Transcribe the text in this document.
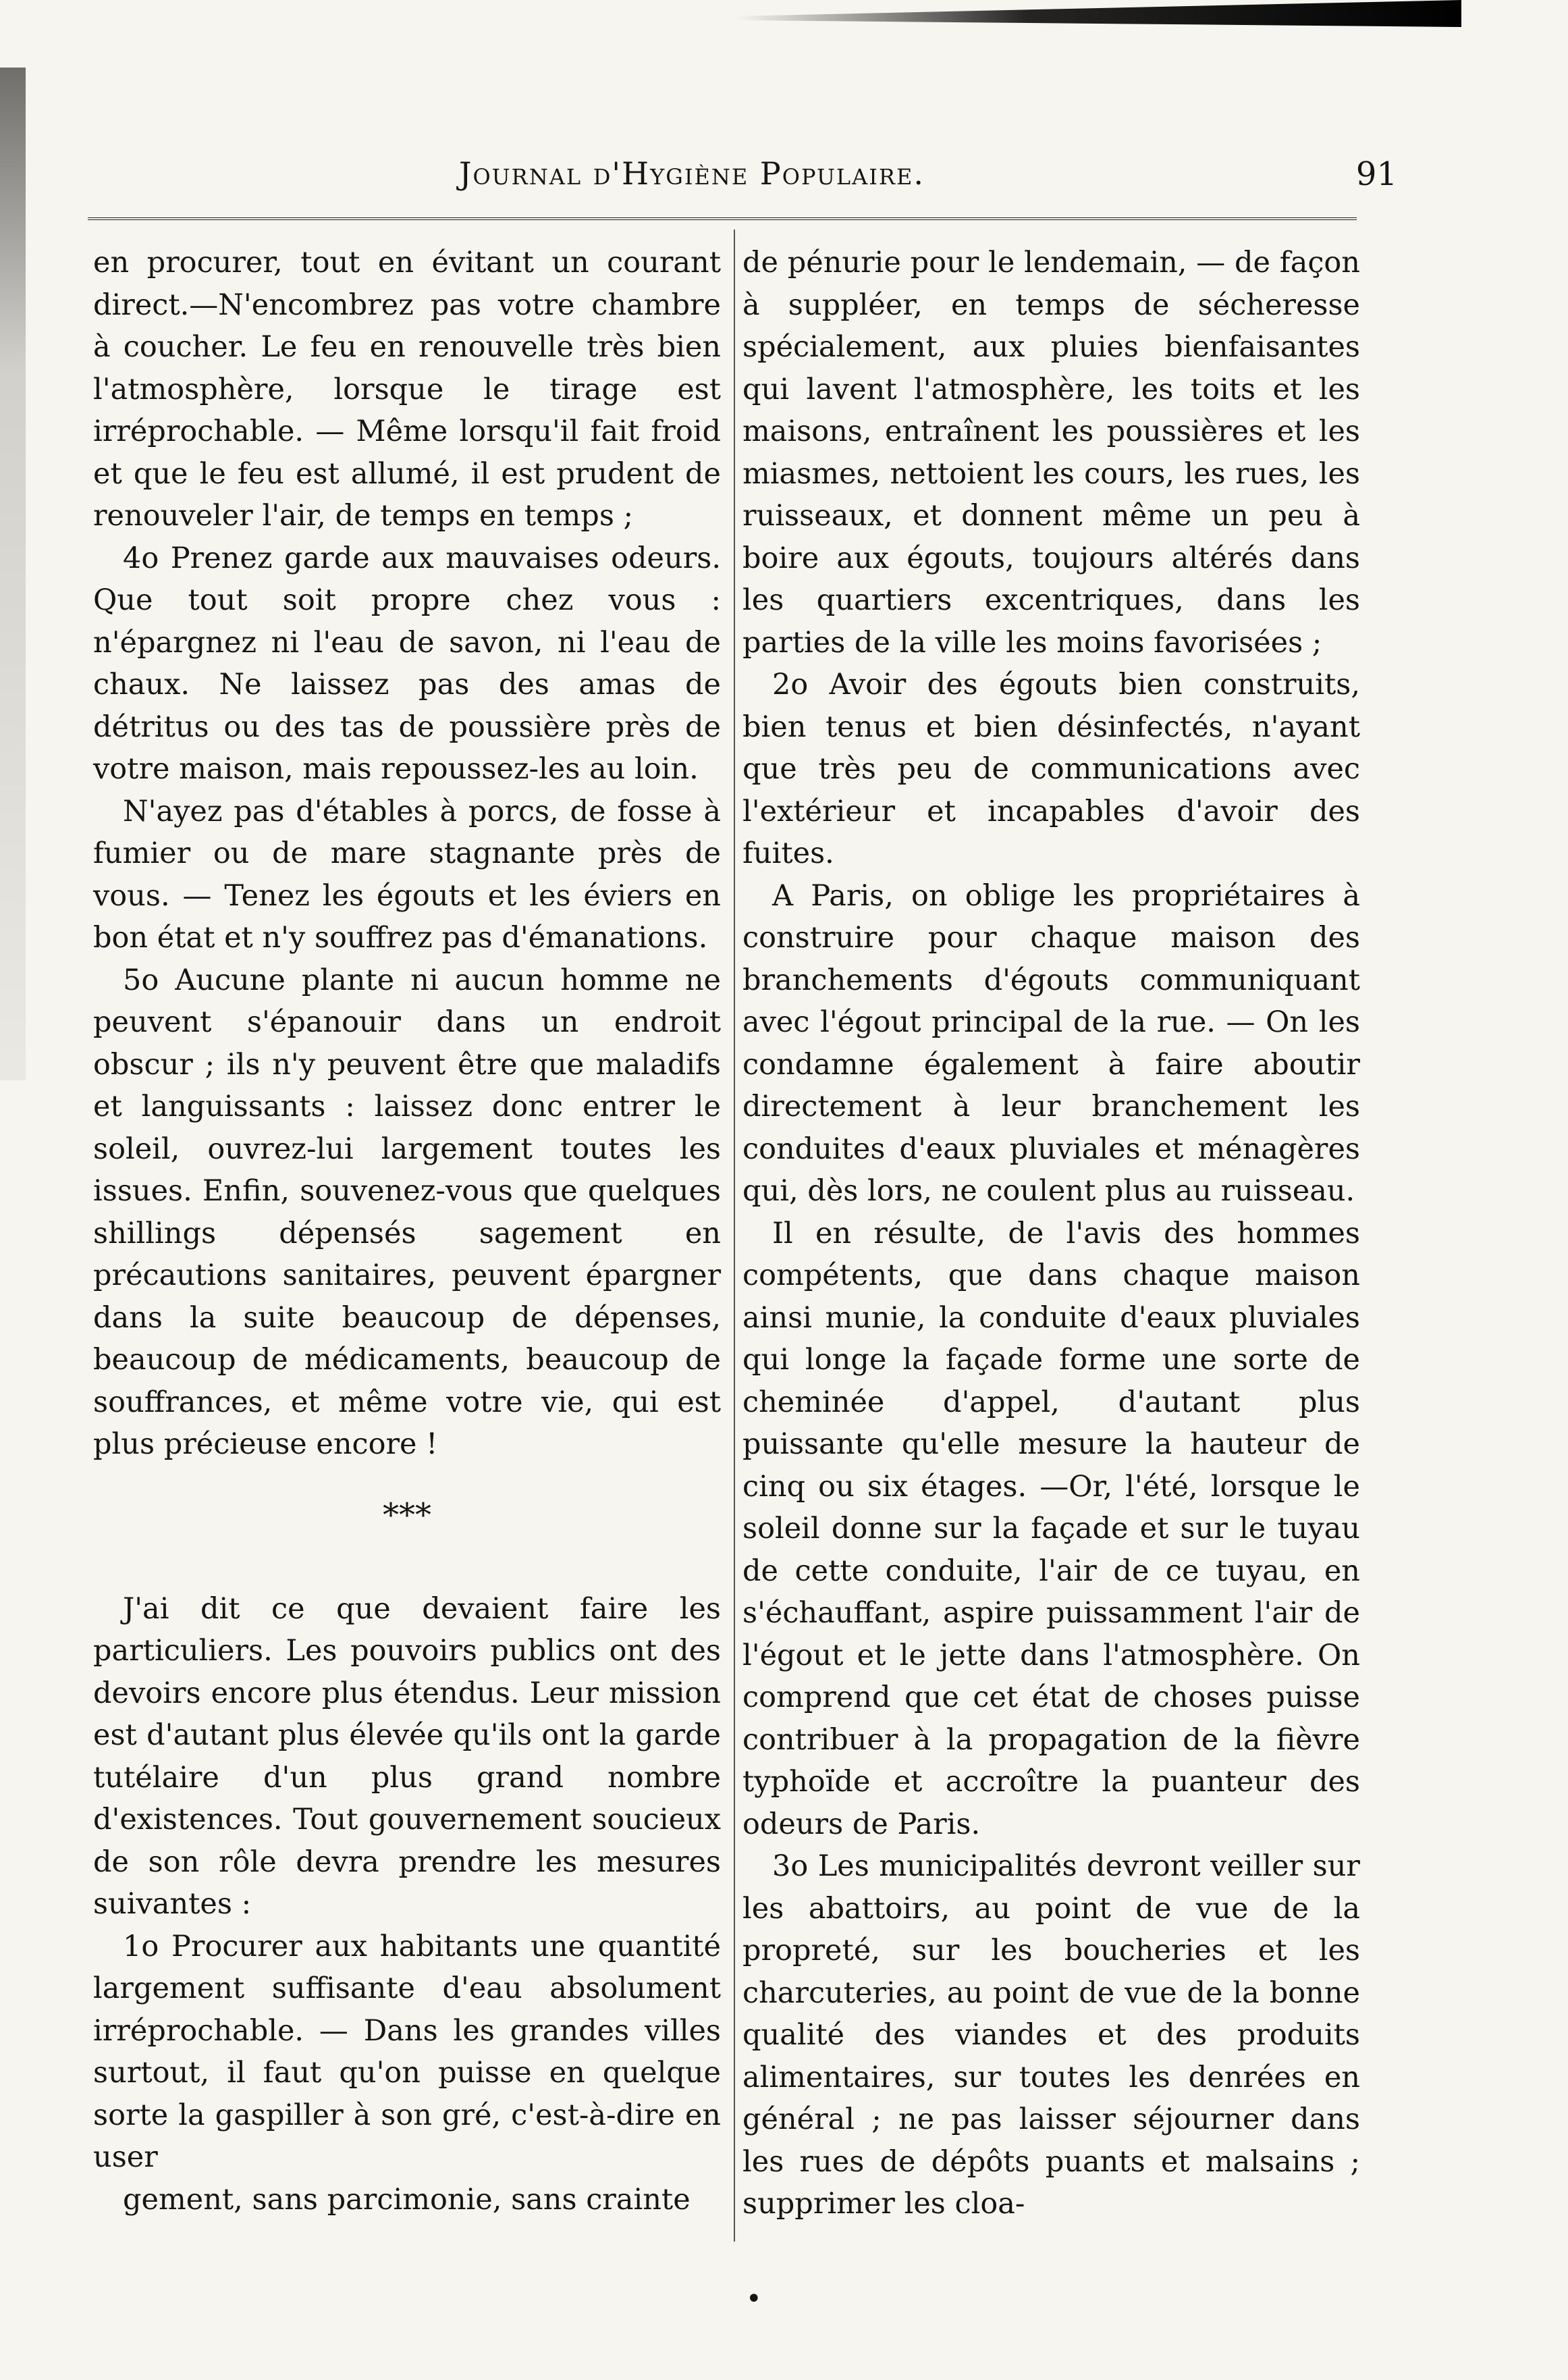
Journal d'Hygiène Populaire.	91

en procurer, tout en évitant un courant direct.—N'encombrez pas votre chambre à coucher. Le feu en renouvelle très bien l'atmosphère, lorsque le tirage est irréprochable. — Même lorsqu'il fait froid et que le feu est allumé, il est prudent de renouveler l'air, de temps en temps ;

4o Prenez garde aux mauvaises odeurs. Que tout soit propre chez vous : n'épargnez ni l'eau de savon, ni l'eau de chaux. Ne laissez pas des amas de détritus ou des tas de poussière près de votre maison, mais repoussez-les au loin.

N'ayez pas d'étables à porcs, de fosse à fumier ou de mare stagnante près de vous. — Tenez les égouts et les éviers en bon état et n'y souffrez pas d'émanations.

5o Aucune plante ni aucun homme ne peuvent s'épanouir dans un endroit obscur ; ils n'y peuvent être que maladifs et languissants : laissez donc entrer le soleil, ouvrez-lui largement toutes les issues. Enfin, souvenez-vous que quelques shillings dépensés sagement en précautions sanitaires, peuvent épargner dans la suite beaucoup de dépenses, beaucoup de médicaments, beaucoup de souffrances, et même votre vie, qui est plus précieuse encore !

***

J'ai dit ce que devaient faire les particuliers. Les pouvoirs publics ont des devoirs encore plus étendus. Leur mission est d'autant plus élevée qu'ils ont la garde tutélaire d'un plus grand nombre d'existences. Tout gouvernement soucieux de son rôle devra prendre les mesures suivantes :

1o Procurer aux habitants une quantité largement suffisante d'eau absolument irréprochable. — Dans les grandes villes surtout, il faut qu'on puisse en quelque sorte la gaspiller à son gré, c'est-à-dire en user

gement, sans parcimonie, sans crainte

de pénurie pour le lendemain, — de façon à suppléer, en temps de sécheresse spécialement, aux pluies bienfaisantes qui lavent l'atmosphère, les toits et les maisons, entraînent les poussières et les miasmes, nettoient les cours, les rues, les ruisseaux, et donnent même un peu à boire aux égouts, toujours altérés dans les quartiers excentriques, dans les parties de la ville les moins favorisées ;

2o Avoir des égouts bien construits, bien tenus et bien désinfectés, n'ayant que très peu de communications avec l'extérieur et incapables d'avoir des fuites.

A Paris, on oblige les propriétaires à construire pour chaque maison des branchements d'égouts communiquant avec l'égout principal de la rue. — On les condamne également à faire aboutir directement à leur branchement les conduites d'eaux pluviales et ménagères qui, dès lors, ne coulent plus au ruisseau.

Il en résulte, de l'avis des hommes compétents, que dans chaque maison ainsi munie, la conduite d'eaux pluviales qui longe la façade forme une sorte de cheminée d'appel, d'autant plus puissante qu'elle mesure la hauteur de cinq ou six étages. —Or, l'été, lorsque le soleil donne sur la façade et sur le tuyau de cette conduite, l'air de ce tuyau, en s'échauffant, aspire puissamment l'air de l'égout et le jette dans l'atmosphère. On comprend que cet état de choses puisse contribuer à la propagation de la fièvre typhoïde et accroître la puanteur des odeurs de Paris.

3o Les municipalités devront veiller sur les abattoirs, au point de vue de la propreté, sur les boucheries et les charcuteries, au point de vue de la bonne qualité des viandes et des produits alimentaires, sur toutes les denrées en général ; ne pas laisser séjourner dans les rues de dépôts puants et malsains ; supprimer les cloa-

•
